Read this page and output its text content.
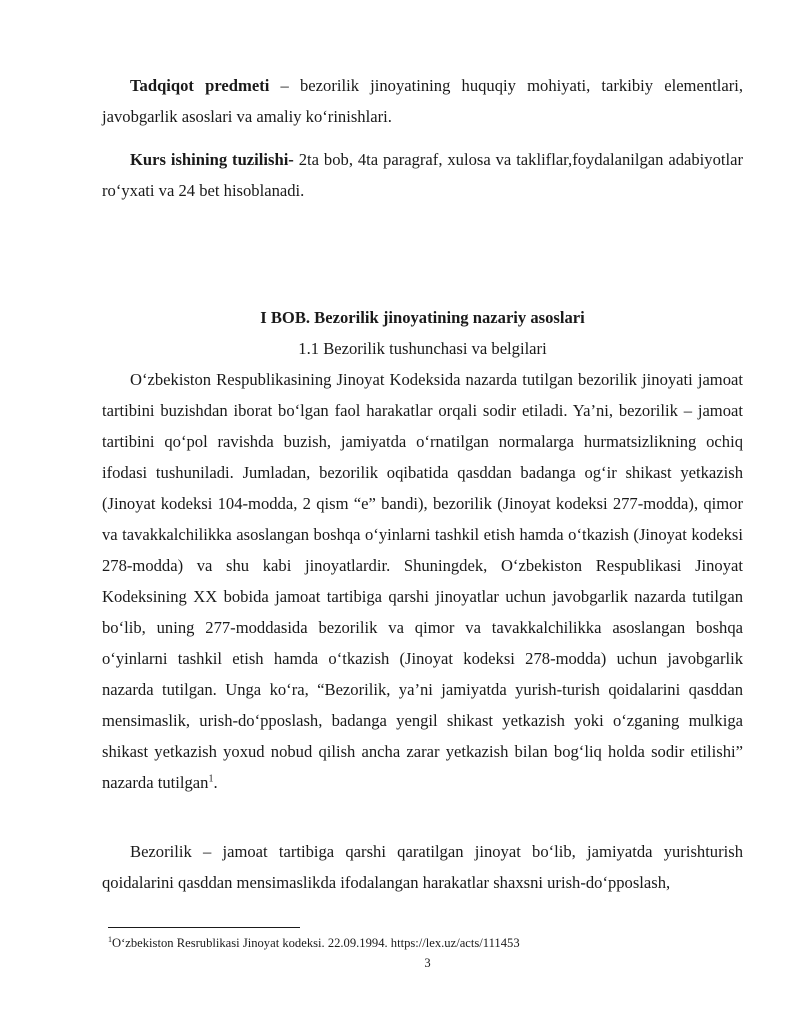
Tadqiqot predmeti – bezorilik jinoyatining huquqiy mohiyati, tarkibiy elementlari, javobgarlik asoslari va amaliy koʻrinishlari.

Kurs ishining tuzilishi- 2ta bob, 4ta paragraf, xulosa va takliflar,foydalanilgan adabiyotlar roʻyxati va 24 bet hisoblanadi.

I BOB. Bezorilik jinoyatining nazariy asoslari

1.1 Bezorilik tushunchasi va belgilari

Oʻzbekiston Respublikasining Jinoyat Kodeksida nazarda tutilgan bezorilik jinoyati jamoat tartibini buzishdan iborat boʻlgan faol harakatlar orqali sodir etiladi. Ya’ni, bezorilik – jamoat tartibini qoʻpol ravishda buzish, jamiyatda oʻrnatilgan normalarga hurmatsizlikning ochiq ifodasi tushuniladi. Jumladan, bezorilik oqibatida qasddan badanga ogʻir shikast yetkazish (Jinoyat kodeksi 104-modda, 2 qism “e” bandi), bezorilik (Jinoyat kodeksi 277-modda), qimor va tavakkalchilikka asoslangan boshqa oʻyinlarni tashkil etish hamda oʻtkazish (Jinoyat kodeksi 278-modda) va shu kabi jinoyatlardir. Shuningdek, Oʻzbekiston Respublikasi Jinoyat Kodeksining XX bobida jamoat tartibiga qarshi jinoyatlar uchun javobgarlik nazarda tutilgan boʻlib, uning 277-moddasida bezorilik va qimor va tavakkalchilikka asoslangan boshqa oʻyinlarni tashkil etish hamda oʻtkazish (Jinoyat kodeksi 278-modda) uchun javobgarlik nazarda tutilgan. Unga koʻra, “Bezorilik, ya’ni jamiyatda yurish-turish qoidalarini qasddan mensimaslik, urish-doʻpposlash, badanga yengil shikast yetkazish yoki oʻzganing mulkiga shikast yetkazish yoxud nobud qilish ancha zarar yetkazish bilan bogʻliq holda sodir etilishi” nazarda tutilgan$^1$.

Bezorilik – jamoat tartibiga qarshi qaratilgan jinoyat boʻlib, jamiyatda yurishturish qoidalarini qasddan mensimaslikda ifodalangan harakatlar shaxsni urish-doʻpposlash,

$^1$Oʻzbekiston Resrublikasi Jinoyat kodeksi. 22.09.1994. https://lex.uz/acts/111453

3
